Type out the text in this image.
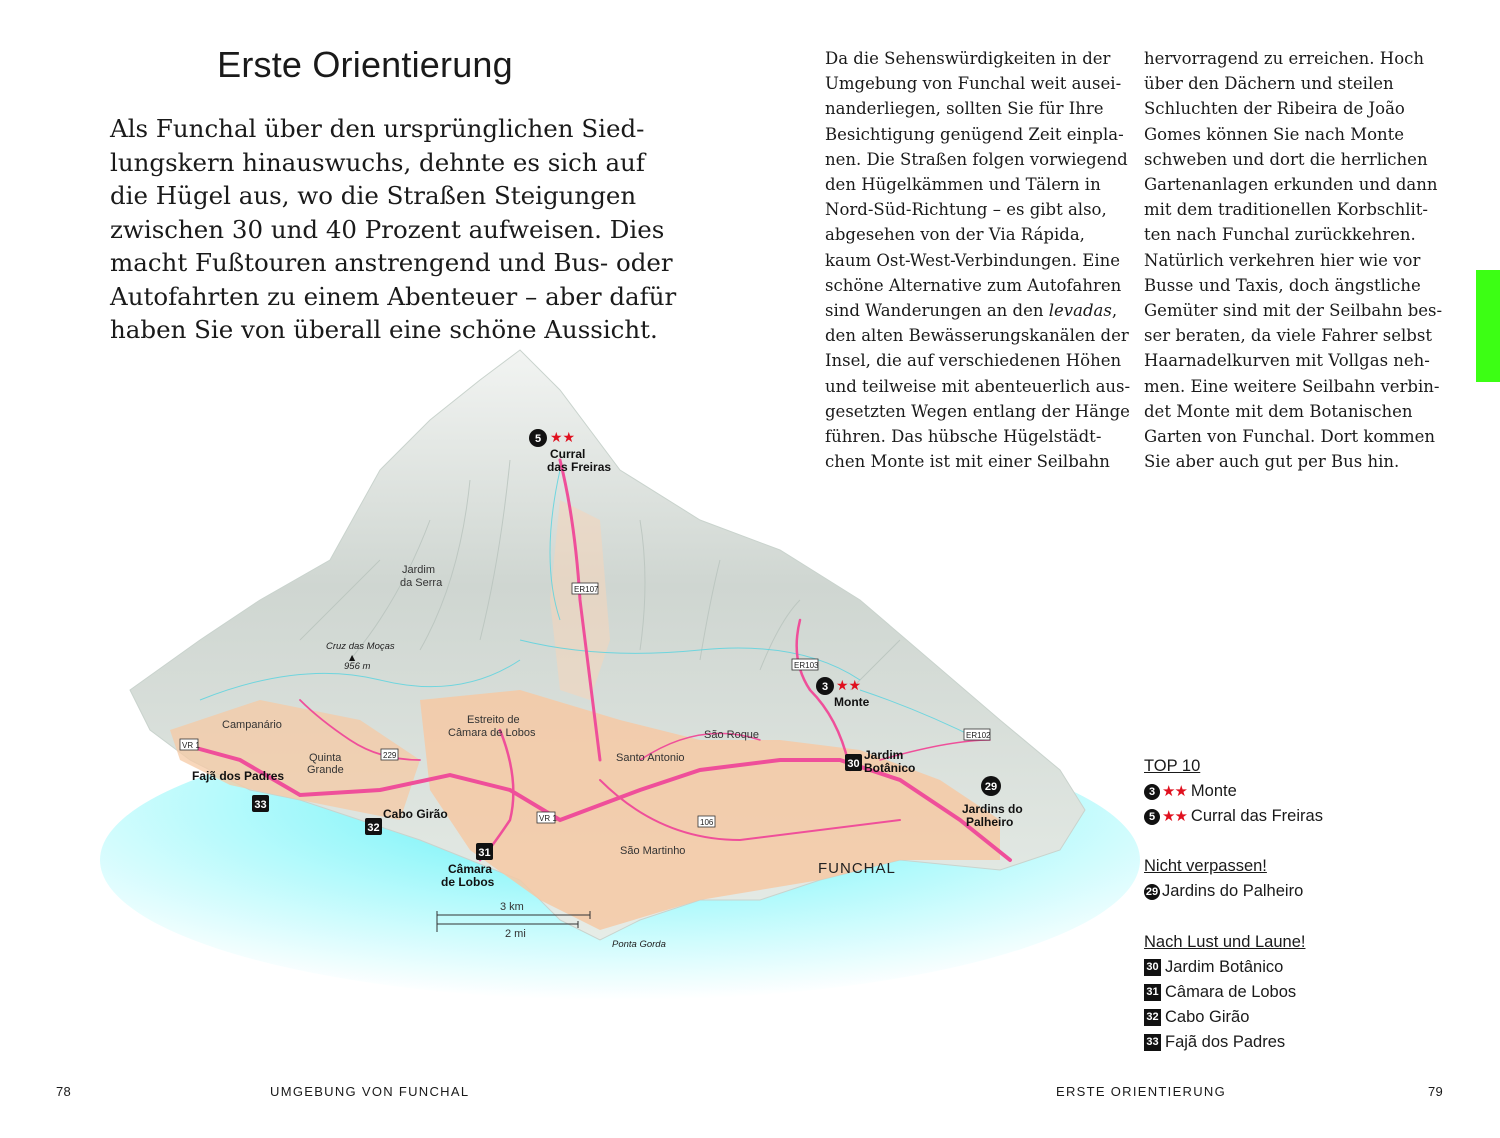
Erste Orientierung

Als Funchal über den ursprünglichen Sied-
lungskern hinauswuchs, dehnte es sich auf
die Hügel aus, wo die Straßen Steigungen
zwischen 30 und 40 Prozent aufweisen. Dies
macht Fußtouren anstrengend und Bus- oder
Autofahrten zu einem Abenteuer – aber dafür
haben Sie von überall eine schöne Aussicht.

Da die Sehenswürdigkeiten in der
Umgebung von Funchal weit ausei-
nanderliegen, sollten Sie für Ihre
Besichtigung genügend Zeit einpla-
nen. Die Straßen folgen vorwiegend
den Hügelkämmen und Tälern in
Nord-Süd-Richtung – es gibt also,
abgesehen von der Via Rápida,
kaum Ost-West-Verbindungen. Eine
schöne Alternative zum Autofahren
sind Wanderungen an den levadas,
den alten Bewässerungskanälen der
Insel, die auf verschiedenen Höhen
und teilweise mit abenteuerlich aus-
gesetzten Wegen entlang der Hänge
führen. Das hübsche Hügelstädt-
chen Monte ist mit einer Seilbahn

hervorragend zu erreichen. Hoch
über den Dächern und steilen
Schluchten der Ribeira de João
Gomes können Sie nach Monte
schweben und dort die herrlichen
Gartenanlagen erkunden und dann
mit dem traditionellen Korbschlit-
ten nach Funchal zurückkehren.
Natürlich verkehren hier wie vor
Busse und Taxis, doch ängstliche
Gemüter sind mit der Seilbahn bes-
ser beraten, da viele Fahrer selbst
Haarnadelkurven mit Vollgas neh-
men. Eine weitere Seilbahn verbin-
det Monte mit dem Botanischen
Garten von Funchal. Dort kommen
Sie aber auch gut per Bus hin.

ER107
ER103
ER102
VR 1
VR 1
229
106
5 ★★
Curral
das Freiras
3 ★★
Monte
Jardim
da Serra
Cruz das Moças
▲
956 m
Campanário
Fajã dos Padres
33
Quinta
Grande
Cabo Girão
32
Estreito de
Câmara de Lobos
31
Câmara
de Lobos
Santo Antonio
São Roque
São Martinho
30
Jardim
Botânico
29
Jardins do
Palheiro
FUNCHAL
Ponta Gorda
3 km
2 mi
TOP 10
3 ★★ Monte
5 ★★ Curral das Freiras
Nicht verpassen!
29 Jardins do Palheiro
Nach Lust und Laune!
30 Jardim Botânico
31 Câmara de Lobos
32 Cabo Girão
33 Fajã dos Padres
78	UMGEBUNG VON FUNCHAL	ERSTE ORIENTIERUNG	79
